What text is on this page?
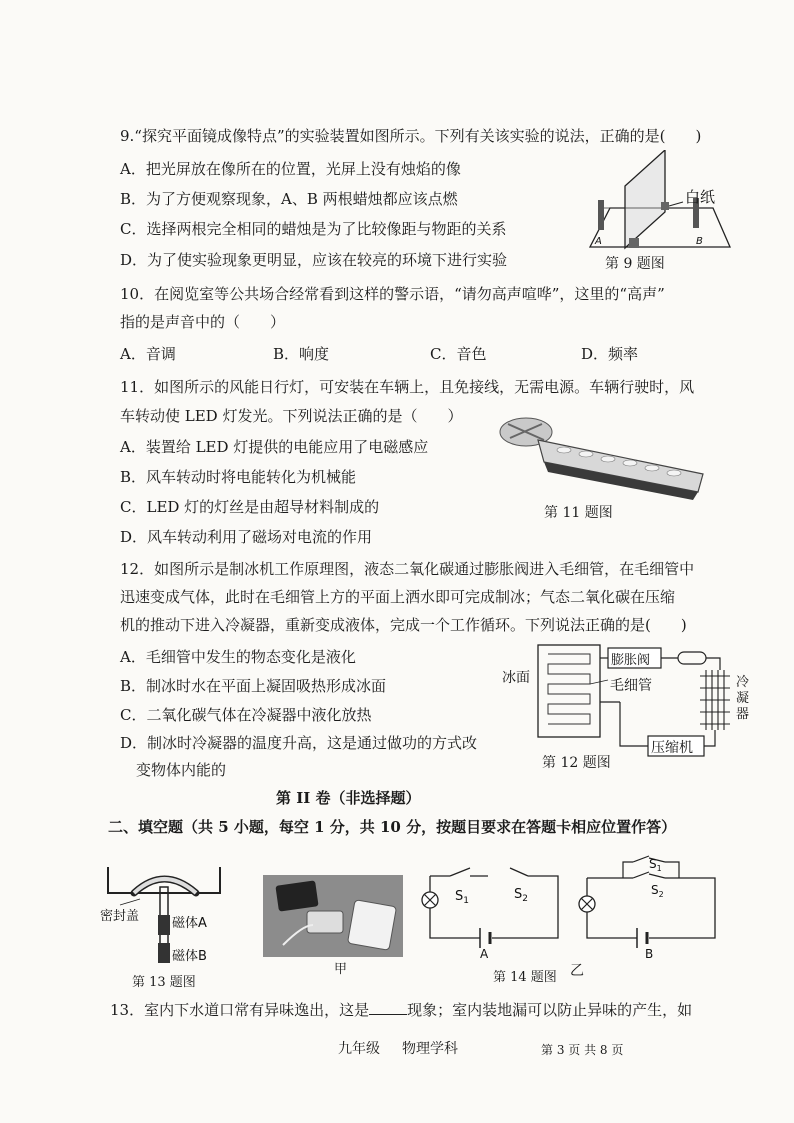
9.“探究平面镜成像特点”的实验装置如图所示。下列有关该实验的说法，正确的是(　　)
A．把光屏放在像所在的位置，光屏上没有烛焰的像
B．为了方便观察现象，A、B 两根蜡烛都应该点燃
C．选择两根完全相同的蜡烛是为了比较像距与物距的关系
D．为了使实验现象更明显，应该在较亮的环境下进行实验
白纸
A	B
第 9 题图
10．在阅览室等公共场合经常看到这样的警示语，“请勿高声喧哗”，这里的“高声”
指的是声音中的（　　）
A．音调	B．响度	C．音色	D．频率
11．如图所示的风能日行灯，可安装在车辆上，且免接线，无需电源。车辆行驶时，风
车转动使 LED 灯发光。下列说法正确的是（　　）
A．装置给 LED 灯提供的电能应用了电磁感应
B．风车转动时将电能转化为机械能
C．LED 灯的灯丝是由超导材料制成的
D．风车转动利用了磁场对电流的作用
第 11 题图
12．如图所示是制冰机工作原理图，液态二氧化碳通过膨胀阀进入毛细管，在毛细管中
迅速变成气体，此时在毛细管上方的平面上洒水即可完成制冰；气态二氧化碳在压缩
机的推动下进入冷凝器，重新变成液体，完成一个工作循环。下列说法正确的是(　　)
A．毛细管中发生的物态变化是液化
B．制冰时水在平面上凝固吸热形成冰面
C．二氧化碳气体在冷凝器中液化放热
D．制冰时冷凝器的温度升高，这是通过做功的方式改
变物体内能的
冰面
膨胀阀
毛细管	冷凝器
压缩机
第 12 题图
第 II 卷（非选择题）
二、填空题（共 5 小题，每空 1 分，共 10 分，按题目要求在答题卡相应位置作答）
密封盖	磁体A
磁体B
第 13 题图
甲
$S_1$	$S_2$
A
第 14 题图
$S_1$
$S_2$
B
乙
13．室内下水道口常有异味逸出，这是	现象；室内装地漏可以防止异味的产生，如
九年级 物理学科	第 3 页 共 8 页
